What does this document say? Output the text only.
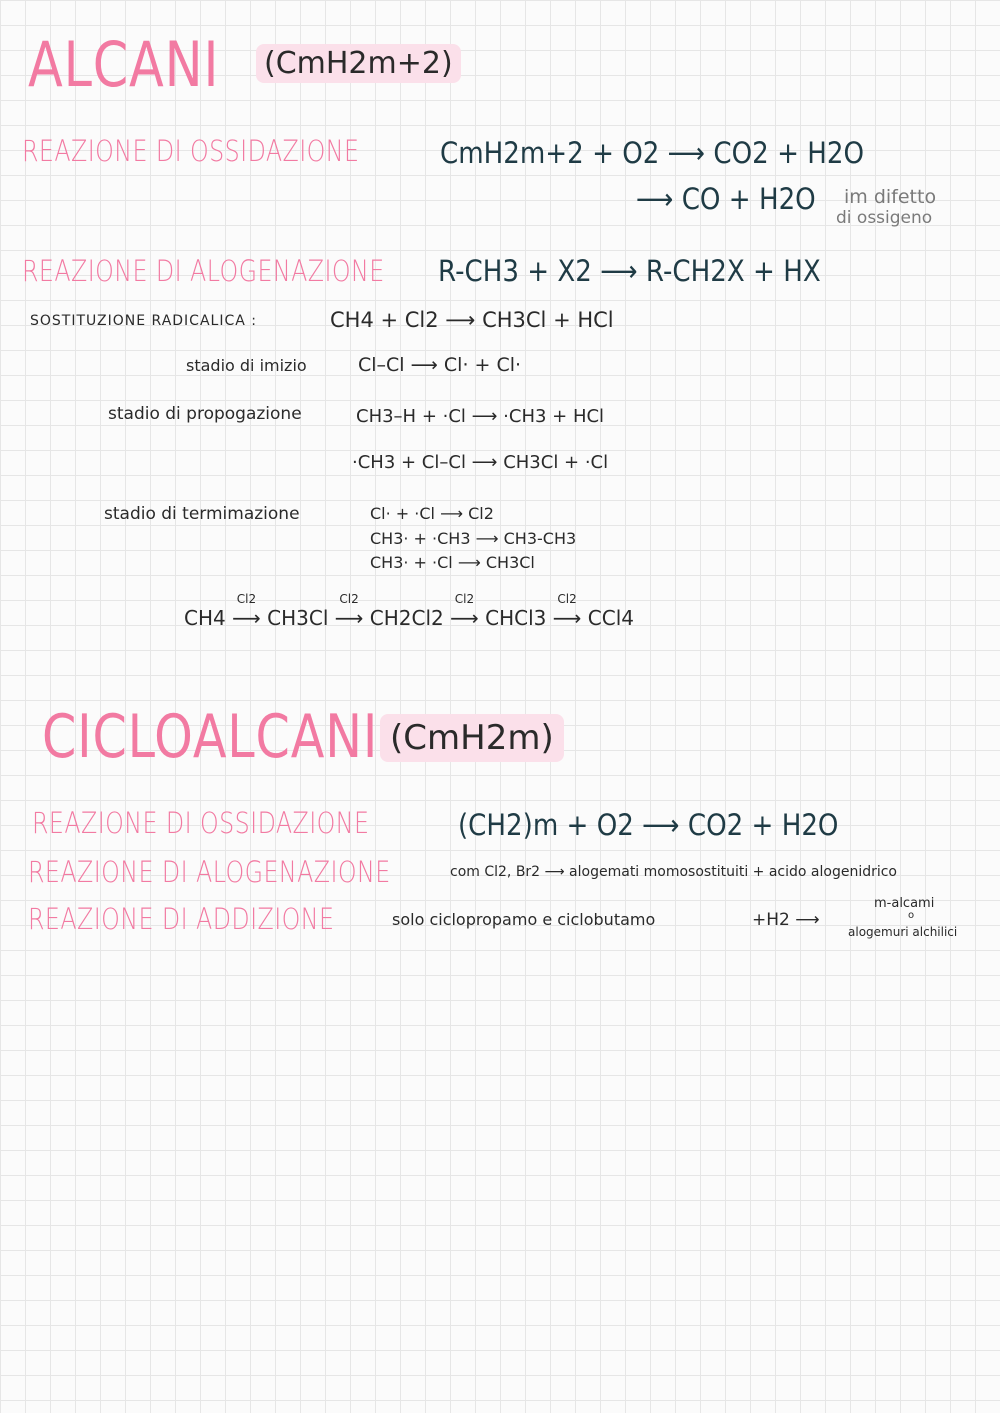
ALCANI (CmH2m+2)
REAZIONE DI OSSIDAZIONE	CmH2m+2 + O2 ⟶ CO2 + H2O
⟶ CO + H2O im difetto
di ossigeno
REAZIONE DI ALOGENAZIONE R-CH3 + X2 ⟶ R-CH2X + HX
SOSTITUZIONE RADICALICA :	CH4 + Cl2 ⟶ CH3Cl + HCl
stadio di imizio	Cl–Cl ⟶ Cl· + Cl·
stadio di propogazione	CH3–H + ·Cl ⟶ ·CH3 + HCl
·CH3 + Cl–Cl ⟶ CH3Cl + ·Cl
stadio di termimazione	Cl· + ·Cl ⟶ Cl2
CH3· + ·CH3 ⟶ CH3-CH3
CH3· + ·Cl ⟶ CH3Cl
CH4
Cl2
⟶ CH3Cl
Cl2
⟶ CH2Cl2
Cl2
⟶ CHCl3
Cl2
⟶ CCl4
CICLOALCANI (CmH2m)
REAZIONE DI OSSIDAZIONE	(CH2)m + O2 ⟶ CO2 + H2O
REAZIONE DI ALOGENAZIONE	com Cl2, Br2 ⟶ alogemati momosostituiti + acido alogenidrico
REAZIONE DI ADDIZIONE	solo ciclopropamo e ciclobutamo	+H2 ⟶
m-alcami
o
alogemuri alchilici
